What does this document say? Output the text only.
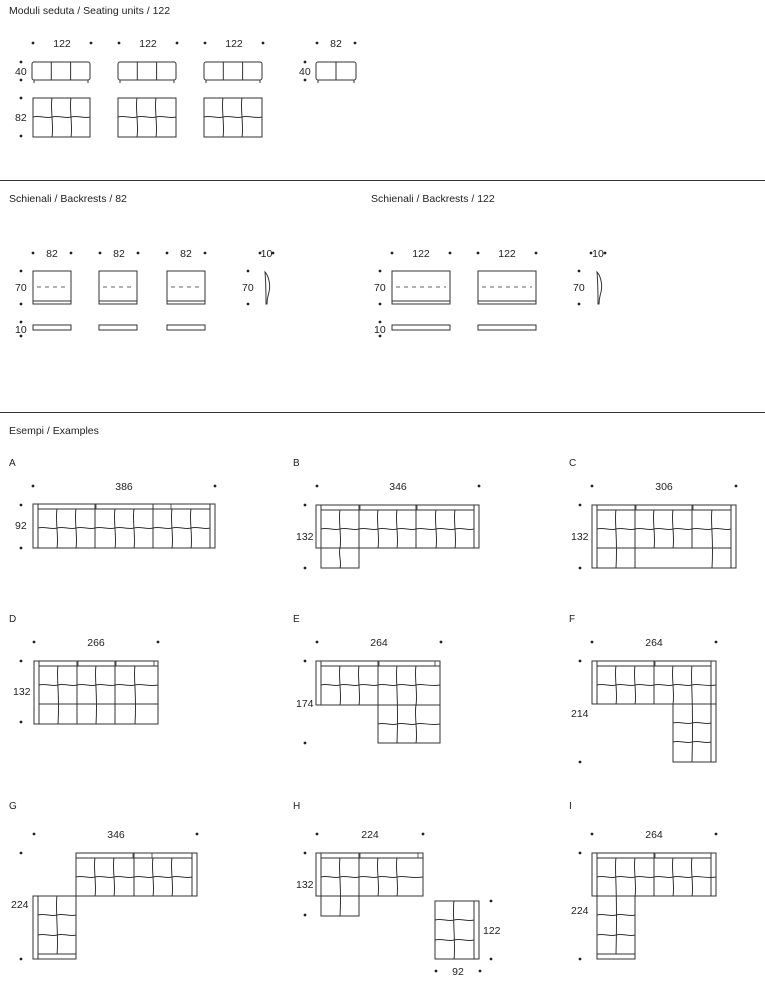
Moduli seduta / Seating units / 122
Schienali / Backrests / 82	Schienali / Backrests / 122
Esempi / Examples
A	B	C
D	E	F
G	H	I
122	122	122	82
40	40
82
82	82	82
70
10
10
70
122	122
70
10
10
70
386
92
346
132
306
132
266
132
264
174
264
214
346
224
224
132
122
92
264
224
